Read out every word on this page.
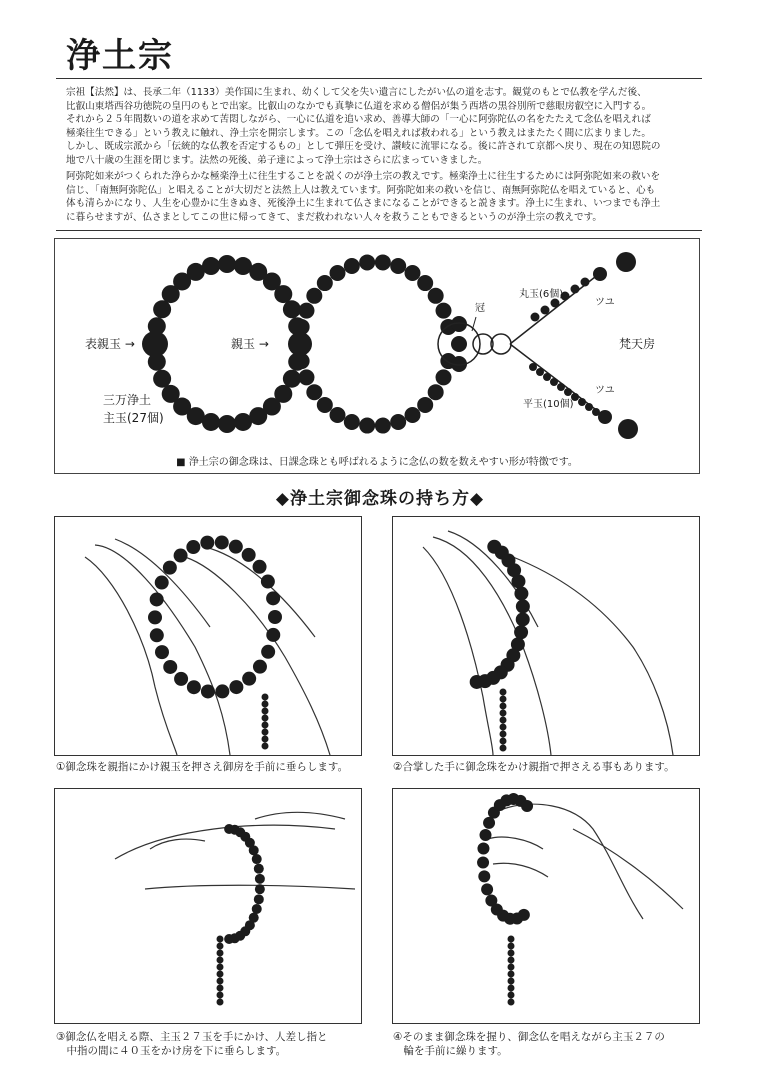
浄土宗

宗祖【法然】は、長承二年（1133）美作国に生まれ、幼くして父を失い遺言にしたがい仏の道を志す。観覚のもとで仏教を学んだ後、

比叡山東塔西谷功徳院の皇円のもとで出家。比叡山のなかでも真摯に仏道を求める僧侶が集う西塔の黒谷別所で慈眼房叡空に入門する。

それから２５年間数いの道を求めて苦悶しながら、一心に仏道を追い求め、善導大師の「一心に阿弥陀仏の名をたたえて念仏を唱えれば

極楽往生できる」という教えに触れ、浄土宗を開宗します。この「念仏を唱えれば救われる」という教えはまたたく間に広まりました。

しかし、既成宗派から「伝統的な仏教を否定するもの」として弾圧を受け、讃岐に流罪になる。後に許されて京都へ戻り、現在の知恩院の

地で八十歳の生涯を閉じます。法然の死後、弟子達によって浄土宗はさらに広まっていきました。

阿弥陀如来がつくられた浄らかな極楽浄土に往生することを説くのが浄土宗の教えです。極楽浄土に往生するためには阿弥陀如来の救いを

信じ、「南無阿弥陀仏」と唱えることが大切だと法然上人は教えています。阿弥陀如来の救いを信じ、南無阿弥陀仏を唱えていると、心も

体も清らかになり、人生を心豊かに生きぬき、死後浄土に生まれて仏さまになることができると説きます。浄土に生まれ、いつまでも浄土

に暮らせますが、仏さまとしてこの世に帰ってきて、まだ救われない人々を救うこともできるというのが浄土宗の教えです。

表親玉 →	親玉 →
三万浄土
主玉(27個)
冠
丸玉(6個)
ツユ
梵天房
ツユ
平玉(10個)
■ 浄土宗の御念珠は、日課念珠とも呼ばれるように念仏の数を数えやすい形が特徴です。
◆浄土宗御念珠の持ち方◆
①御念珠を親指にかけ親玉を押さえ御房を手前に垂らします。	②合掌した手に御念珠をかけ親指で押さえる事もあります。
③御念仏を唱える際、主玉２７玉を手にかけ、人差し指と
　中指の間に４０玉をかけ房を下に垂らします。
④そのまま御念珠を握り、御念仏を唱えながら主玉２７の
　輪を手前に繰ります。
